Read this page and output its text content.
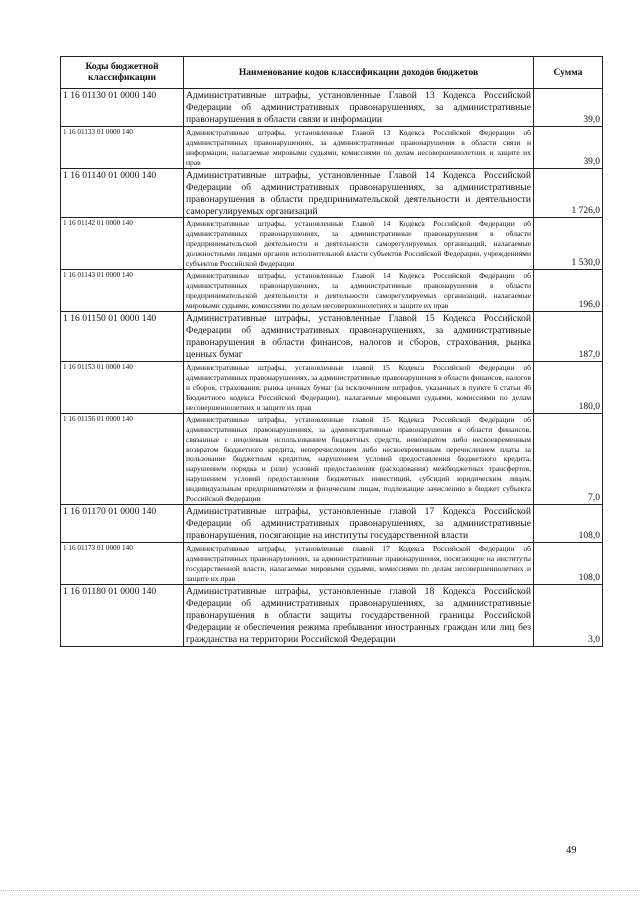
Коды бюджетной классификации	Наименование кодов классификации доходов бюджетов	Сумма
1 16 01130 01 0000 140	Административные штрафы, установленные Главой 13 Кодекса Российской Федерации об административных правонарушениях, за административные правонарушения в области связи и информации	39,0
1 16 01133 01 0000 140	Административные штрафы, установленные Главой 13 Кодекса Российской Федерации об административных правонарушениях, за административные правонарушения в области связи и информации, налагаемые мировыми судьями, комиссиями по делам несовершеннолетних и защите их прав	39,0
1 16 01140 01 0000 140	Административные штрафы, установленные Главой 14 Кодекса Российской Федерации об административных правонарушениях, за административные правонарушения в области предпринимательской деятельности и деятельности саморегулируемых организаций	1 726,0
1 16 01142 01 0000 140	Административные штрафы, установленные Главой 14 Кодекса Российской Федерации об административных правонарушениях, за административные правонарушения в области предпринимательской деятельности и деятельности саморегулируемых организаций, налагаемые должностными лицами органов исполнительной власти субъектов Российской Федерации, учреждениями субъектов Российской Федерации	1 530,0
1 16 01143 01 0000 140	Административные штрафы, установленные Главой 14 Кодекса Российской Федерации об административных правонарушениях, за административные правонарушения в области предпринимательской деятельности и деятельности саморегулируемых организаций, налагаемые мировыми судьями, комиссиями по делам несовершеннолетних и защите их прав	196,0
1 16 01150 01 0000 140	Административные штрафы, установленные Главой 15 Кодекса Российской Федерации об административных правонарушениях, за административные правонарушения в области финансов, налогов и сборов, страхования, рынка ценных бумаг	187,0
1 16 01153 01 0000 140	Административные штрафы, установленные главой 15 Кодекса Российской Федерации об административных правонарушениях, за административные правонарушения в области финансов, налогов и сборов, страхования, рынка ценных бумаг (за исключением штрафов, указанных в пункте 6 статьи 46 Бюджетного кодекса Российской Федерации), налагаемые мировыми судьями, комиссиями по делам несовершеннолетних и защите их прав	180,0
1 16 01156 01 0000 140	Административные штрафы, установленные главой 15 Кодекса Российской Федерации об административных правонарушениях, за административные правонарушения в области финансов, связанные с нецелевым использованием бюджетных средств, невозвратом либо несвоевременным возвратом бюджетного кредита, неперечислением либо несвоевременным перечислением платы за пользование бюджетным кредитом, нарушением условий предоставления бюджетного кредита, нарушением порядка и (или) условий предоставления (расходования) межбюджетных трансфертов, нарушением условий предоставления бюджетных инвестиций, субсидий юридическим лицам, индивидуальным предпринимателям и физическим лицам, подлежащие зачислению в бюджет субъекта Российской Федерации	7,0
1 16 01170 01 0000 140	Административные штрафы, установленные главой 17 Кодекса Российской Федерации об административных правонарушениях, за административные правонарушения, посягающие на институты государственной власти	108,0
1 16 01173 01 0000 140	Административные штрафы, установленные главой 17 Кодекса Российской Федерации об административных правонарушениях, за административные правонарушения, посягающие на институты государственной власти, налагаемые мировыми судьями, комиссиями по делам несовершеннолетних и защите их прав	108,0
1 16 01180 01 0000 140	Административные штрафы, установленные главой 18 Кодекса Российской Федерации об административных правонарушениях, за административные правонарушения в области защиты государственной границы Российской Федерации и обеспечения режима пребывания иностранных граждан или лиц без гражданства на территории Российской Федерации	3,0
49
